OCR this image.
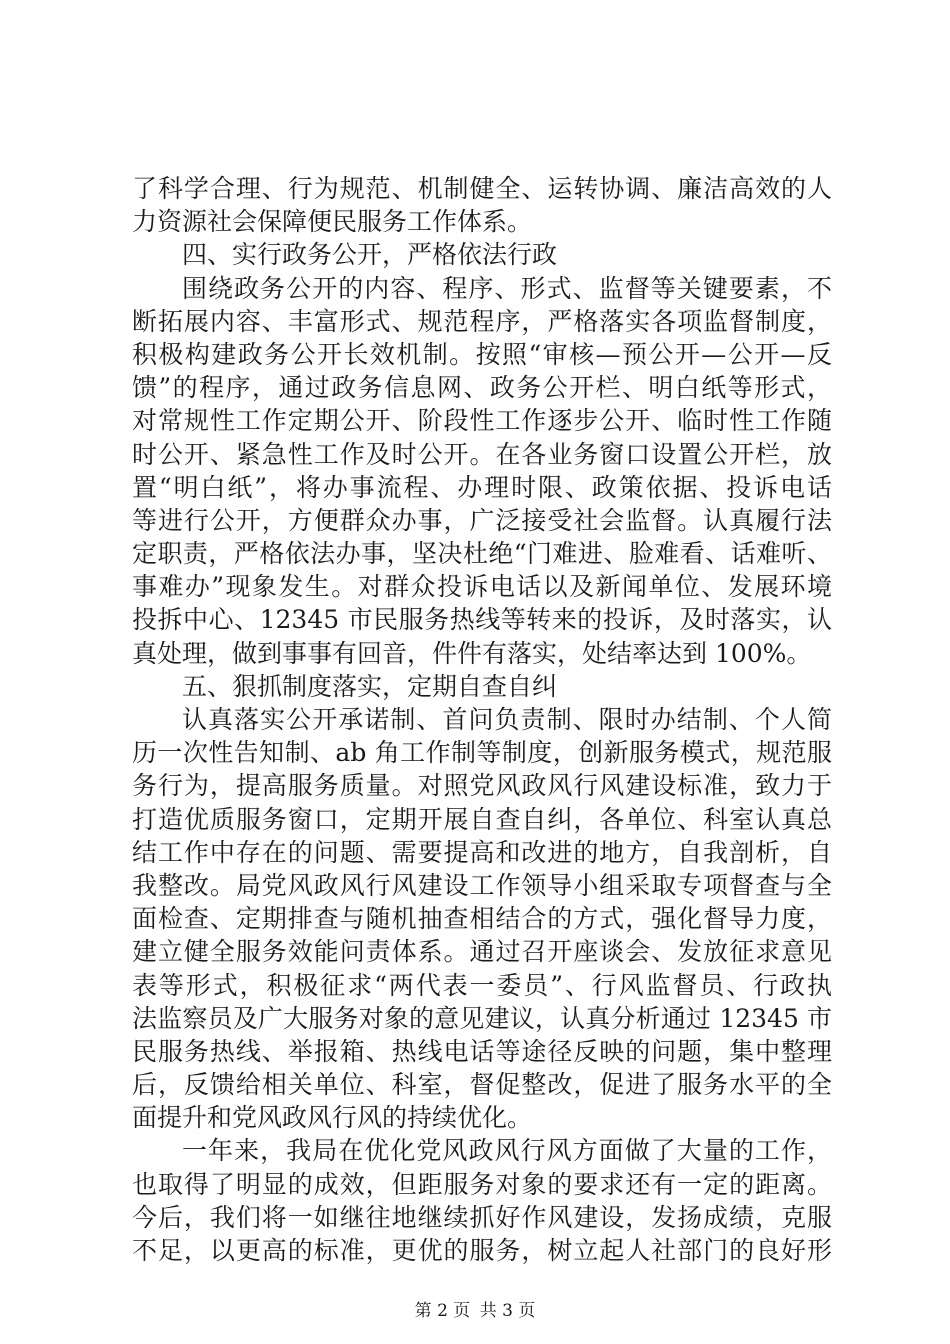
了科学合理、行为规范、机制健全、运转协调、廉洁高效的人
力资源社会保障便民服务工作体系。
四、实行政务公开，严格依法行政
围绕政务公开的内容、程序、形式、监督等关键要素，不
断拓展内容、丰富形式、规范程序，严格落实各项监督制度，
积极构建政务公开长效机制。按照“审核—预公开—公开—反
馈”的程序，通过政务信息网、政务公开栏、明白纸等形式，
对常规性工作定期公开、阶段性工作逐步公开、临时性工作随
时公开、紧急性工作及时公开。在各业务窗口设置公开栏，放
置“明白纸”，将办事流程、办理时限、政策依据、投诉电话
等进行公开，方便群众办事，广泛接受社会监督。认真履行法
定职责，严格依法办事，坚决杜绝“门难进、脸难看、话难听、
事难办”现象发生。对群众投诉电话以及新闻单位、发展环境
投拆中心、12345 市民服务热线等转来的投诉，及时落实，认
真处理，做到事事有回音，件件有落实，处结率达到 100%。
五、狠抓制度落实，定期自查自纠
认真落实公开承诺制、首问负责制、限时办结制、个人简
历一次性告知制、ab 角工作制等制度，创新服务模式，规范服
务行为，提高服务质量。对照党风政风行风建设标准，致力于
打造优质服务窗口，定期开展自查自纠，各单位、科室认真总
结工作中存在的问题、需要提高和改进的地方，自我剖析，自
我整改。局党风政风行风建设工作领导小组采取专项督查与全
面检查、定期排查与随机抽查相结合的方式，强化督导力度，
建立健全服务效能问责体系。通过召开座谈会、发放征求意见
表等形式，积极征求“两代表一委员”、行风监督员、行政执
法监察员及广大服务对象的意见建议，认真分析通过 12345 市
民服务热线、举报箱、热线电话等途径反映的问题，集中整理
后，反馈给相关单位、科室，督促整改，促进了服务水平的全
面提升和党风政风行风的持续优化。
一年来，我局在优化党风政风行风方面做了大量的工作，
也取得了明显的成效，但距服务对象的要求还有一定的距离。
今后，我们将一如继往地继续抓好作风建设，发扬成绩，克服
不足，以更高的标准，更优的服务，树立起人社部门的良好形
第 2 页 共 3 页
